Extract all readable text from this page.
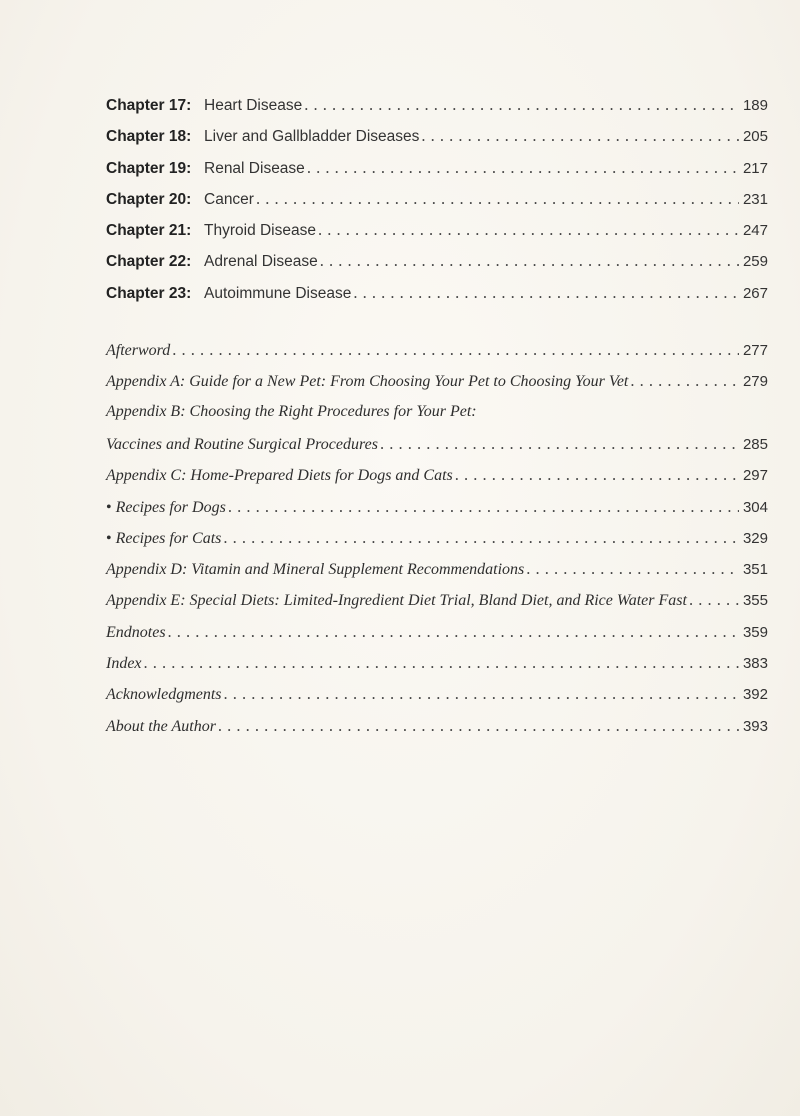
Chapter 17: Heart Disease . . .	189
Chapter 18: Liver and Gallbladder Diseases . . .	205
Chapter 19: Renal Disease . . .	217
Chapter 20: Cancer . . .	231
Chapter 21: Thyroid Disease . . .	247
Chapter 22: Adrenal Disease . . .	259
Chapter 23: Autoimmune Disease . . .	267
Afterword . . .	277
Appendix A: Guide for a New Pet: From Choosing Your Pet to Choosing Your Vet . . .	279
Appendix B: Choosing the Right Procedures for Your Pet:
Vaccines and Routine Surgical Procedures . . .	285
Appendix C: Home-Prepared Diets for Dogs and Cats . . .	297
• Recipes for Dogs . . .	304
• Recipes for Cats . . .	329
Appendix D: Vitamin and Mineral Supplement Recommendations . . .	351
Appendix E: Special Diets: Limited-Ingredient Diet Trial, Bland Diet, and Rice Water Fast . . .	355
Endnotes . . .	359
Index . . .	383
Acknowledgments . . .	392
About the Author . . .	393
